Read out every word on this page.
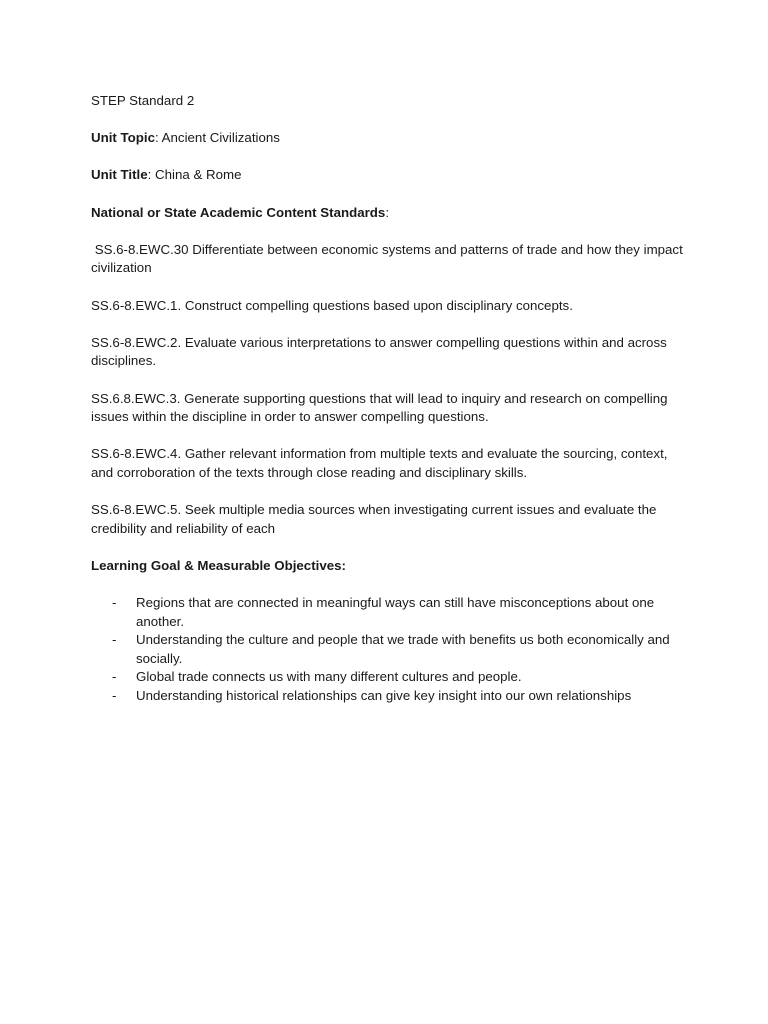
STEP Standard 2

Unit Topic: Ancient Civilizations

Unit Title: China & Rome

National or State Academic Content Standards:

SS.6-8.EWC.30 Differentiate between economic systems and patterns of trade and how they impact civilization

SS.6-8.EWC.1. Construct compelling questions based upon disciplinary concepts.

SS.6-8.EWC.2. Evaluate various interpretations to answer compelling questions within and across disciplines.

SS.6.8.EWC.3. Generate supporting questions that will lead to inquiry and research on compelling issues within the discipline in order to answer compelling questions.

SS.6-8.EWC.4. Gather relevant information from multiple texts and evaluate the sourcing, context, and corroboration of the texts through close reading and disciplinary skills.

SS.6-8.EWC.5. Seek multiple media sources when investigating current issues and evaluate the credibility and reliability of each

Learning Goal & Measurable Objectives:

- Regions that are connected in meaningful ways can still have misconceptions about one another.
- Understanding the culture and people that we trade with benefits us both economically and socially.
- Global trade connects us with many different cultures and people.
- Understanding historical relationships can give key insight into our own relationships
